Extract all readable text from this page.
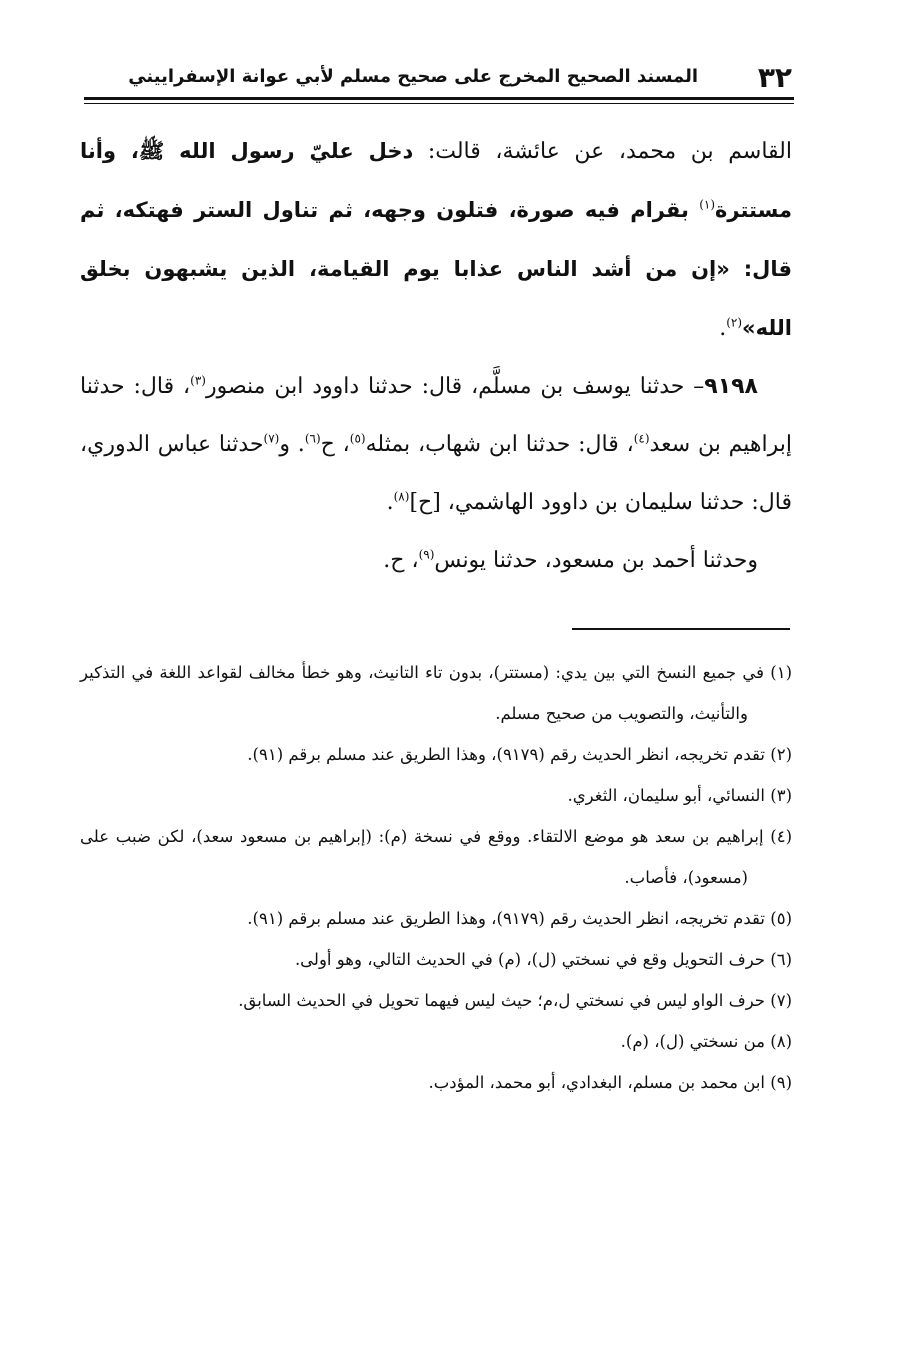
٣٢
المسند الصحيح المخرج على صحيح مسلم لأبي عوانة الإسفراييني

القاسم بن محمد، عن عائشة، قالت: دخل عليّ رسول الله ﷺ، وأنا مستترة$^{(١)}$ بقرام فيه صورة، فتلون وجهه، ثم تناول الستر فهتكه، ثم قال: «إن من أشد الناس عذابا يوم القيامة، الذين يشبهون بخلق الله»$^{(٢)}$.

٩١٩٨– حدثنا يوسف بن مسلَّم، قال: حدثنا داوود ابن منصور$^{(٣)}$، قال: حدثنا إبراهيم بن سعد$^{(٤)}$، قال: حدثنا ابن شهاب، بمثله$^{(٥)}$، ح$^{(٦)}$. و$^{(٧)}$حدثنا عباس الدوري، قال: حدثنا سليمان بن داوود الهاشمي، [ح]$^{(٨)}$.

وحدثنا أحمد بن مسعود، حدثنا يونس$^{(٩)}$، ح.

(١) في جميع النسخ التي بين يدي: (مستتر)، بدون تاء التانيث، وهو خطأ مخالف لقواعد اللغة في التذكير والتأنيث، والتصويب من صحيح مسلم.

(٢) تقدم تخريجه، انظر الحديث رقم (٩١٧٩)، وهذا الطريق عند مسلم برقم (٩١).

(٣) النسائي، أبو سليمان، الثغري.

(٤) إبراهيم بن سعد هو موضع الالتقاء. ووقع في نسخة (م): (إبراهيم بن مسعود سعد)، لكن ضبب على (مسعود)، فأصاب.

(٥) تقدم تخريجه، انظر الحديث رقم (٩١٧٩)، وهذا الطريق عند مسلم برقم (٩١).

(٦) حرف التحويل وقع في نسختي (ل)، (م) في الحديث التالي، وهو أولى.

(٧) حرف الواو ليس في نسختي ل،م؛ حيث ليس فيهما تحويل في الحديث السابق.

(٨) من نسختي (ل)، (م).

(٩) ابن محمد بن مسلم، البغدادي، أبو محمد، المؤدب.
